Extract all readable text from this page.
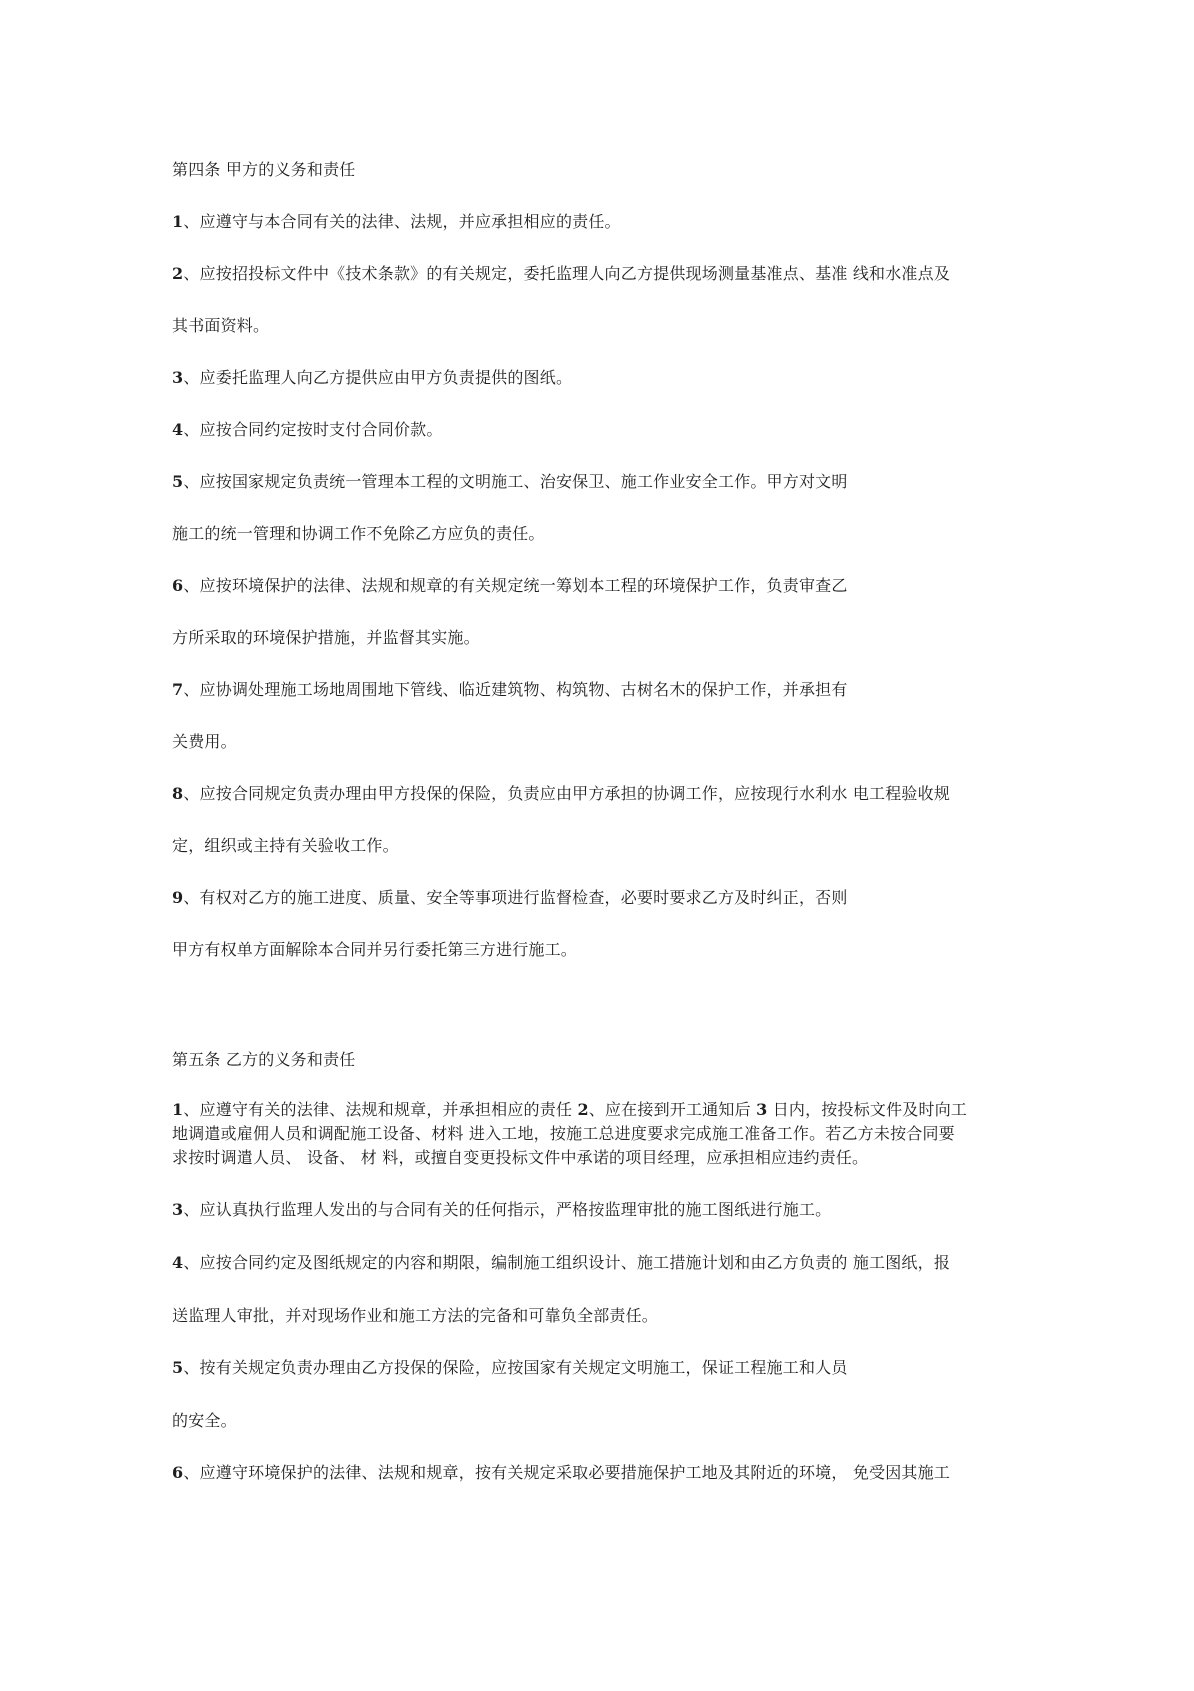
第四条 甲方的义务和责任
1、应遵守与本合同有关的法律、法规，并应承担相应的责任。
2、应按招投标文件中《技术条款》的有关规定，委托监理人向乙方提供现场测量基准点、基准 线和水准点及
其书面资料。
3、应委托监理人向乙方提供应由甲方负责提供的图纸。
4、应按合同约定按时支付合同价款。
5、应按国家规定负责统一管理本工程的文明施工、治安保卫、施工作业安全工作。甲方对文明
施工的统一管理和协调工作不免除乙方应负的责任。
6、应按环境保护的法律、法规和规章的有关规定统一筹划本工程的环境保护工作，负责审查乙
方所采取的环境保护措施，并监督其实施。
7、应协调处理施工场地周围地下管线、临近建筑物、构筑物、古树名木的保护工作，并承担有
关费用。
8、应按合同规定负责办理由甲方投保的保险，负责应由甲方承担的协调工作，应按现行水利水 电工程验收规
定，组织或主持有关验收工作。
9、有权对乙方的施工进度、质量、安全等事项进行监督检查，必要时要求乙方及时纠正，否则
甲方有权单方面解除本合同并另行委托第三方进行施工。
第五条 乙方的义务和责任
1、应遵守有关的法律、法规和规章，并承担相应的责任 2、应在接到开工通知后 3 日内，按投标文件及时向工
地调遣或雇佣人员和调配施工设备、材料 进入工地，按施工总进度要求完成施工准备工作。若乙方未按合同要
求按时调遣人员、 设备、 材 料，或擅自变更投标文件中承诺的项目经理，应承担相应违约责任。
3、应认真执行监理人发出的与合同有关的任何指示，严格按监理审批的施工图纸进行施工。
4、应按合同约定及图纸规定的内容和期限，编制施工组织设计、施工措施计划和由乙方负责的 施工图纸，报
送监理人审批，并对现场作业和施工方法的完备和可靠负全部责任。
5、按有关规定负责办理由乙方投保的保险，应按国家有关规定文明施工，保证工程施工和人员
的安全。
6、应遵守环境保护的法律、法规和规章，按有关规定采取必要措施保护工地及其附近的环境， 免受因其施工
